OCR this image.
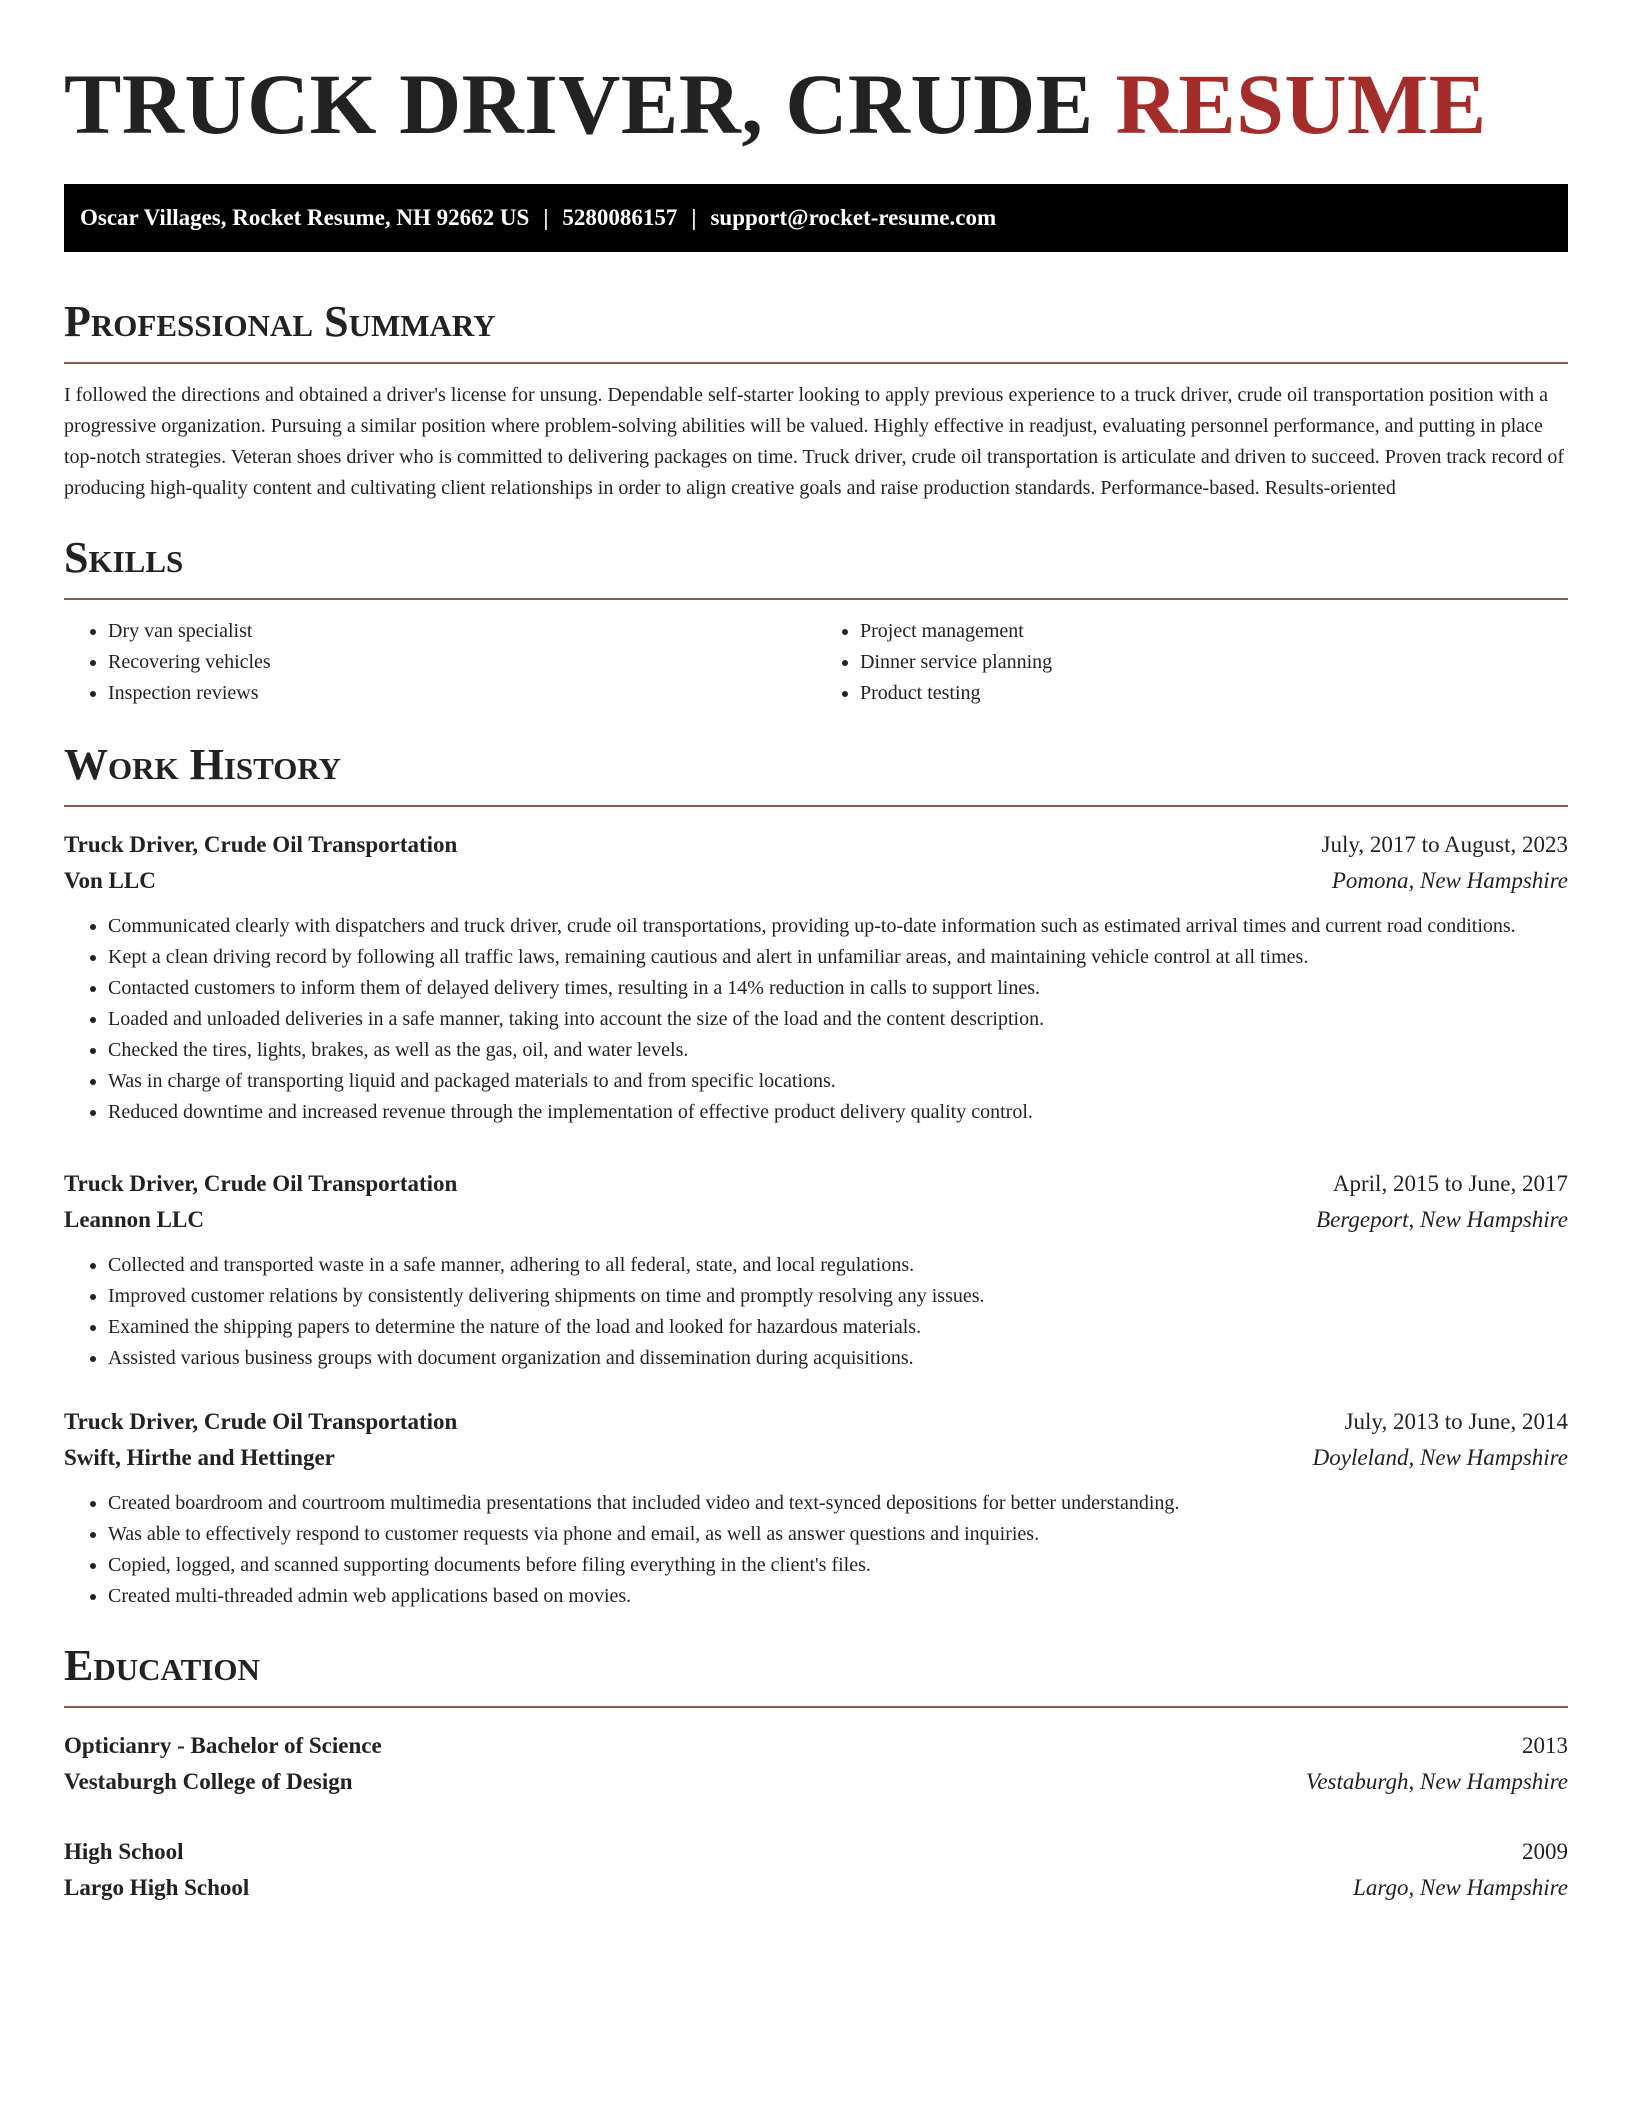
TRUCK DRIVER, CRUDE RESUME
Oscar Villages, Rocket Resume, NH 92662 US | 5280086157 | support@rocket-resume.com
Professional Summary

I followed the directions and obtained a driver's license for unsung. Dependable self-starter looking to apply previous experience to a truck driver, crude oil transportation position with a progressive organization. Pursuing a similar position where problem-solving abilities will be valued. Highly effective in readjust, evaluating personnel performance, and putting in place top-notch strategies. Veteran shoes driver who is committed to delivering packages on time. Truck driver, crude oil transportation is articulate and driven to succeed. Proven track record of producing high-quality content and cultivating client relationships in order to align creative goals and raise production standards. Performance-based. Results-oriented

Skills
• Dry van specialist
• Recovering vehicles
• Inspection reviews
• Project management
• Dinner service planning
• Product testing
Work History
Truck Driver, Crude Oil Transportation	July, 2017 to August, 2023
Von LLC	Pomona, New Hampshire
• Communicated clearly with dispatchers and truck driver, crude oil transportations, providing up-to-date information such as estimated arrival times and current road conditions.
• Kept a clean driving record by following all traffic laws, remaining cautious and alert in unfamiliar areas, and maintaining vehicle control at all times.
• Contacted customers to inform them of delayed delivery times, resulting in a 14% reduction in calls to support lines.
• Loaded and unloaded deliveries in a safe manner, taking into account the size of the load and the content description.
• Checked the tires, lights, brakes, as well as the gas, oil, and water levels.
• Was in charge of transporting liquid and packaged materials to and from specific locations.
• Reduced downtime and increased revenue through the implementation of effective product delivery quality control.
Truck Driver, Crude Oil Transportation	April, 2015 to June, 2017
Leannon LLC	Bergeport, New Hampshire
• Collected and transported waste in a safe manner, adhering to all federal, state, and local regulations.
• Improved customer relations by consistently delivering shipments on time and promptly resolving any issues.
• Examined the shipping papers to determine the nature of the load and looked for hazardous materials.
• Assisted various business groups with document organization and dissemination during acquisitions.
Truck Driver, Crude Oil Transportation	July, 2013 to June, 2014
Swift, Hirthe and Hettinger	Doyleland, New Hampshire
• Created boardroom and courtroom multimedia presentations that included video and text-synced depositions for better understanding.
• Was able to effectively respond to customer requests via phone and email, as well as answer questions and inquiries.
• Copied, logged, and scanned supporting documents before filing everything in the client's files.
• Created multi-threaded admin web applications based on movies.
Education
Opticianry - Bachelor of Science	2013
Vestaburgh College of Design	Vestaburgh, New Hampshire
High School	2009
Largo High School	Largo, New Hampshire
